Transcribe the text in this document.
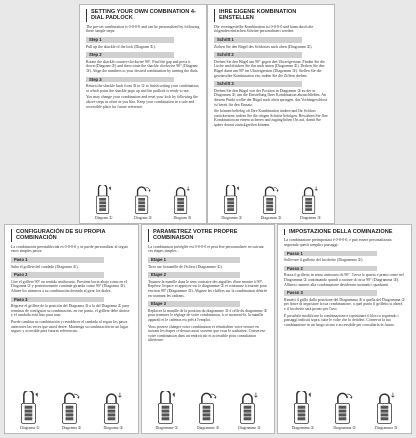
SETTING YOUR OWN COMBINATION 4-DIAL PADLOCK
The pre-set combination is 0-0-0-0 and can be personalized by following these simple steps:
Step 1
Pull up the shackle of the lock (Diagram ①).
Step 2
Rotate the shackle counter-clockwise 90°. Find the gap and press it down (Diagram ②) and then rotate the shackle clockwise 90° (Diagram ③). Align the numbers to your desired combination by turning the dials.
Step 3
Return the shackle back from ③ to ① to finish setting your combination, at which point the shackle pops up and the padlock is ready to use.
You may change your combination and reset your lock by following the above steps as often as you like. Keep your combination in a safe and accessible place for future reference.
Diagram ①	Diagram ②	Diagram ③
IHRE EIGENE KOMBINATION EINSTELLEN
Die voreingestellte Kombination ist 0-0-0-0 und kann durch die folgenden einfachen Schritte personalisiert werden:
Schritt 1
Ziehen Sie den Bügel des Schlosses nach oben (Diagramm ①).
Schritt 2
Drehen Sie den Bügel um 90° gegen den Uhrzeigersinn. Finden Sie die Lücke und drücken Sie ihn nach unten (Diagramm ②). Drehen Sie den Bügel dann um 90° im Uhrzeigersinn (Diagramm ③). Stellen Sie die gewünschte Kombination ein, indem Sie die Ziffern drehen.
Schritt 3
Drehen Sie den Bügel von der Position in Diagramm ③ zu der in Diagramm ①, um die Einstellung Ihrer Kombination abzuschließen. An diesem Punkt wollte der Bügel nach oben springen, das Vorhängeschloss ist bereit für den Einsatz.
Sie können beliebig oft Ihre Kombination ändern und Ihr Schloss zurücksetzen, indem Sie die obigen Schritte befolgen. Bewahren Sie Ihre Kombination an einem sicheren und zugänglichen Ort auf, damit Sie später darauf zurückgreifen können.
Diagramm ①	Diagramm ②	Diagramm ③
CONFIGURACIÓN DE SU PROPIA COMBINACIÓN
La combinación preestablecida es 0-0-0-0 y se puede personalizar al seguir estos simples pasos:
Paso 1
Suba el grillete del candado (Diagrama ①).
Paso 2
Gire el grillete 90° en sentido antihorario. Presione hacia abajo como en el Diagrama ② y posteriormente continúe girando como 90° (Diagrama ③). Alinee los números a su combinación deseada al girar los diales.
Paso 3
Regrese el grillete de la posición del Diagrama ③ a la del Diagrama ① para terminar de configurar su combinación, en ese punto, el grillete debe abrirse y el candado está listo para usar.
Puede cambiar su combinación y restablecer el candado al seguir los pasos anteriores las veces que usted desee. Mantenga su combinación en un lugar seguro y accesible para futuras referencias.
Diagrama ①	Diagrama ②	Diagrama ③
PARAMETREZ VOTRE PROPRE COMBINAISON
La combinaison préréglée est 0-0-0-0 et peut être personnalisée en suivant ces étapes simples :
Etape 1
Tirez sur la manille de l'écluse (Diagramme ①).
Etape 2
Tournez la manille dans le sens contraire des aiguilles d'une montre à 90°. Repérez l'espace et appuyez sur le diagramme ② et continuez à tourner pour environ 90° (Diagramme ③). Alignez les chiffres sur la combinaison désirée en tournant les cadrans.
Etape 3
Replacez la manille de la position du diagramme ③ à celle du diagramme ① pour terminer le réglage de votre combinaison, à ce moment-là, la manille apparaît et le cadenas est prêt à l'emploi.
Vous pouvez changer votre combinaison et réinitialiser votre serrure en suivant les étapes ci-dessus aussi souvent que vous le souhaitez. Conservez votre combinaison dans un endroit sûr et accessible pour consultation ultérieure.
Diagramme ①	Diagramme ②	Diagramme ③
IMPOSTAZIONE DELLA COMINAZIONE
La combinazione preimpostata è 0-0-0-0, e può essere personalizzata seguendo questi semplici passaggi:
Passo 1
Sollevare il grilletto del lucchetto (Diagramma ①).
Passo 2
Ruota il grilletto in senso antiorario di 90°. Trova lo spazio e premi come nel Diagramma ② continuando quindi a ruotare di circa 90° (Diagramma ③). Allinea i numeri alla combinazione desiderata ruotando i quadranti.
Passo 3
Rimetti il grillo dalla posizione del Diagramma ③ a quella del Diagramma ① per finire di impostare la tua combinazione, a quel punto il grilletto si alzerà e il lucchetto sarà pronto per l'uso.
È possibile modificare la combinazione e ripristinare il blocco seguendo i passaggi indicati sopra, tutte le volte che lo desideri. Conserva la tua combinazione in un luogo sicuro e accessibile per consultarla in futuro.
Diagramma ①	Diagramma ②	Diagramma ③
